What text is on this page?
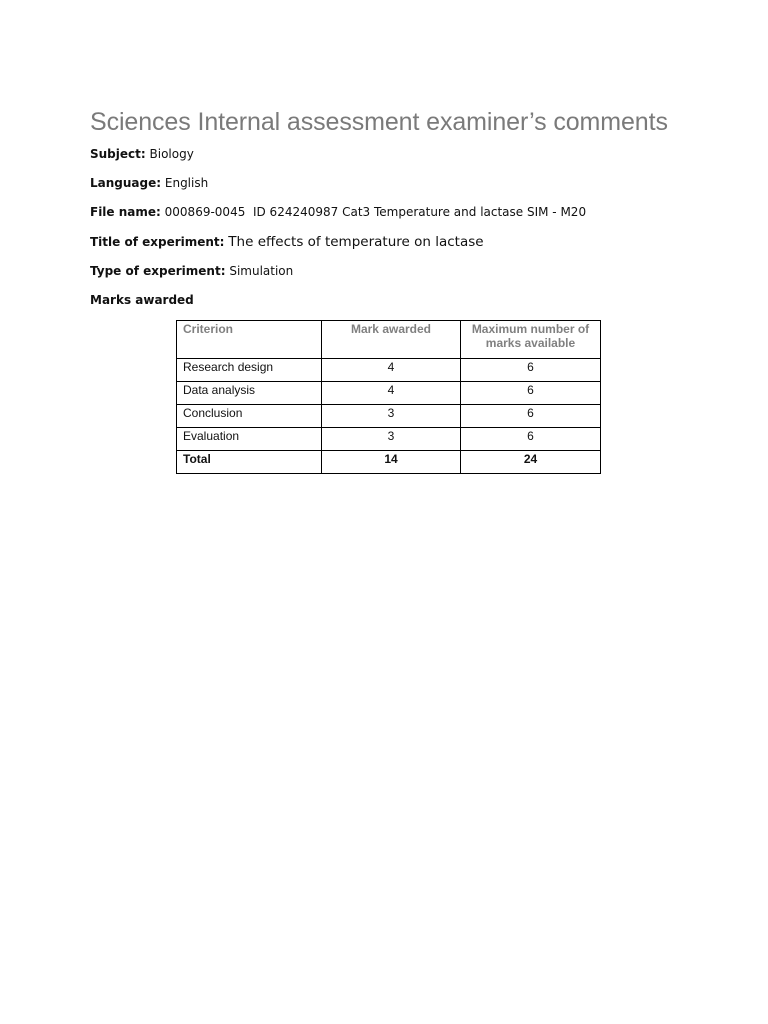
Sciences Internal assessment examiner’s comments
Subject: Biology
Language: English
File name: 000869-0045  ID 624240987 Cat3 Temperature and lactase SIM - M20
Title of experiment: The effects of temperature on lactase
Type of experiment: Simulation
Marks awarded
Criterion	Mark awarded	Maximum number of marks available
Research design	4	6
Data analysis	4	6
Conclusion	3	6
Evaluation	3	6
Total	14	24
